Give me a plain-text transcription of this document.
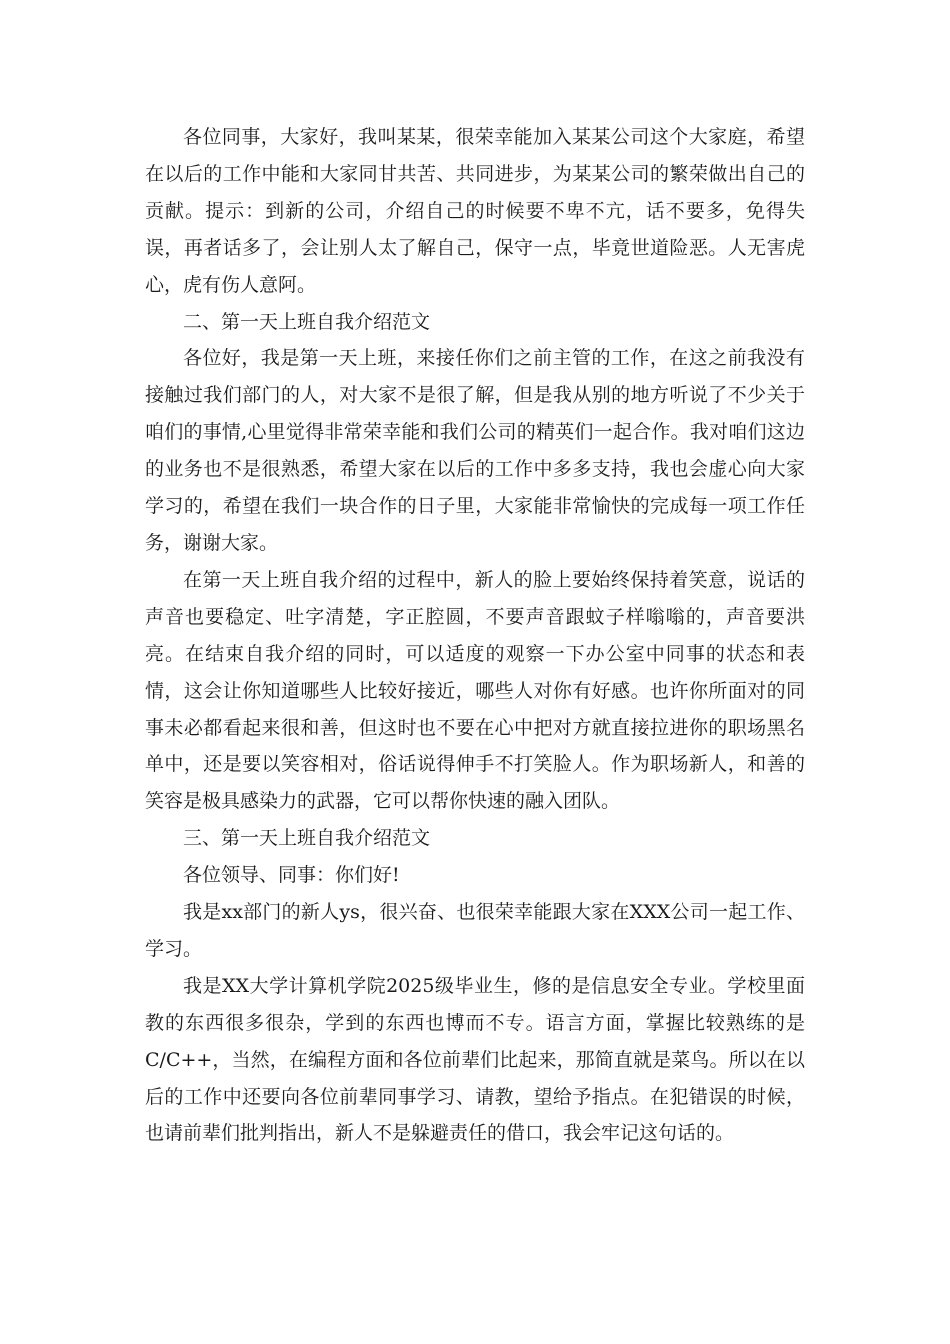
各位同事，大家好，我叫某某，很荣幸能加入某某公司这个大家庭，希望在以后的工作中能和大家同甘共苦、共同进步，为某某公司的繁荣做出自己的贡献。提示：到新的公司，介绍自己的时候要不卑不亢，话不要多，免得失误，再者话多了，会让别人太了解自己，保守一点，毕竟世道险恶。人无害虎心，虎有伤人意阿。

二、第一天上班自我介绍范文

各位好，我是第一天上班，来接任你们之前主管的工作，在这之前我没有接触过我们部门的人，对大家不是很了解，但是我从别的地方听说了不少关于咱们的事情,心里觉得非常荣幸能和我们公司的精英们一起合作。我对咱们这边的业务也不是很熟悉，希望大家在以后的工作中多多支持，我也会虚心向大家学习的，希望在我们一块合作的日子里，大家能非常愉快的完成每一项工作任务，谢谢大家。

在第一天上班自我介绍的过程中，新人的脸上要始终保持着笑意，说话的声音也要稳定、吐字清楚，字正腔圆，不要声音跟蚊子样嗡嗡的，声音要洪亮。在结束自我介绍的同时，可以适度的观察一下办公室中同事的状态和表情，这会让你知道哪些人比较好接近，哪些人对你有好感。也许你所面对的同事未必都看起来很和善，但这时也不要在心中把对方就直接拉进你的职场黑名单中，还是要以笑容相对，俗话说得伸手不打笑脸人。作为职场新人，和善的笑容是极具感染力的武器，它可以帮你快速的融入团队。

三、第一天上班自我介绍范文

各位领导、同事：你们好!

我是xx部门的新人ys，很兴奋、也很荣幸能跟大家在XXX公司一起工作、学习。

我是XX大学计算机学院2025级毕业生，修的是信息安全专业。学校里面教的东西很多很杂，学到的东西也博而不专。语言方面，掌握比较熟练的是C/C++，当然，在编程方面和各位前辈们比起来，那简直就是菜鸟。所以在以后的工作中还要向各位前辈同事学习、请教，望给予指点。在犯错误的时候，也请前辈们批判指出，新人不是躲避责任的借口，我会牢记这句话的。
